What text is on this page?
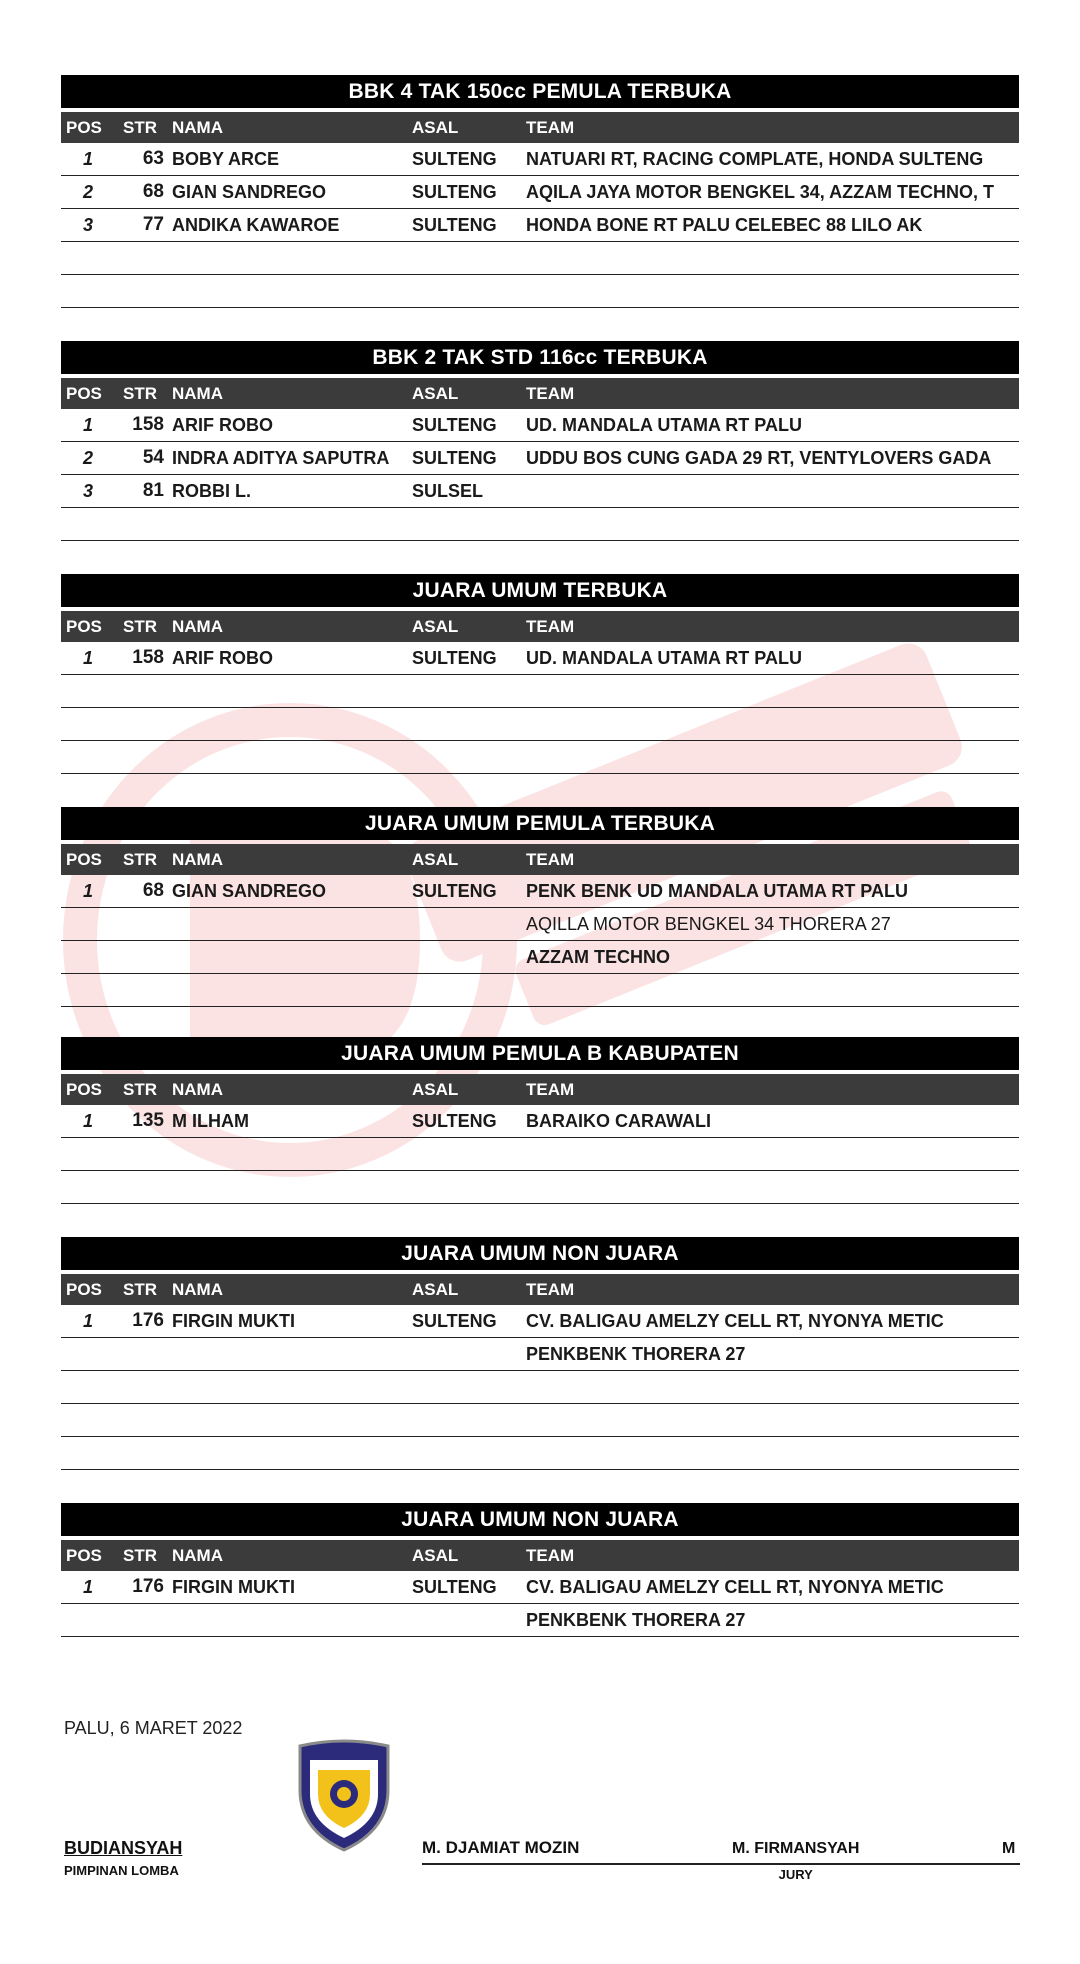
BBK 4 TAK 150cc PEMULA TERBUKA
POS	STR NAMA	ASAL	TEAM
1	63 BOBY ARCE	SULTENG	NATUARI RT, RACING COMPLATE, HONDA SULTENG
2	68 GIAN SANDREGO	SULTENG	AQILA JAYA MOTOR BENGKEL 34, AZZAM TECHNO, T
3	77 ANDIKA KAWAROE	SULTENG	HONDA BONE RT PALU CELEBEC 88 LILO AK
BBK 2 TAK STD 116cc TERBUKA
POS	STR NAMA	ASAL	TEAM
1	158 ARIF ROBO	SULTENG	UD. MANDALA UTAMA RT PALU
2	54 INDRA ADITYA SAPUTRA	SULTENG	UDDU BOS CUNG GADA 29 RT, VENTYLOVERS GADA
3	81 ROBBI L.	SULSEL
JUARA UMUM TERBUKA
POS	STR NAMA	ASAL	TEAM
1	158 ARIF ROBO	SULTENG	UD. MANDALA UTAMA RT PALU
JUARA UMUM PEMULA TERBUKA
POS	STR NAMA	ASAL	TEAM
1	68 GIAN SANDREGO	SULTENG	PENK BENK UD MANDALA UTAMA RT PALU
AQILLA MOTOR BENGKEL 34 THORERA 27
AZZAM TECHNO
JUARA UMUM PEMULA B KABUPATEN
POS	STR NAMA	ASAL	TEAM
1	135 M ILHAM	SULTENG	BARAIKO CARAWALI
JUARA UMUM NON JUARA
POS	STR NAMA	ASAL	TEAM
1	176 FIRGIN MUKTI	SULTENG	CV. BALIGAU AMELZY CELL RT, NYONYA METIC
PENKBENK THORERA 27
JUARA UMUM NON JUARA
POS	STR NAMA	ASAL	TEAM
1	176 FIRGIN MUKTI	SULTENG	CV. BALIGAU AMELZY CELL RT, NYONYA METIC
PENKBENK THORERA 27
PALU, 6 MARET 2022
BUDIANSYAH
PIMPINAN LOMBA
M. DJAMIAT MOZIN	M. FIRMANSYAH
JURY
M
